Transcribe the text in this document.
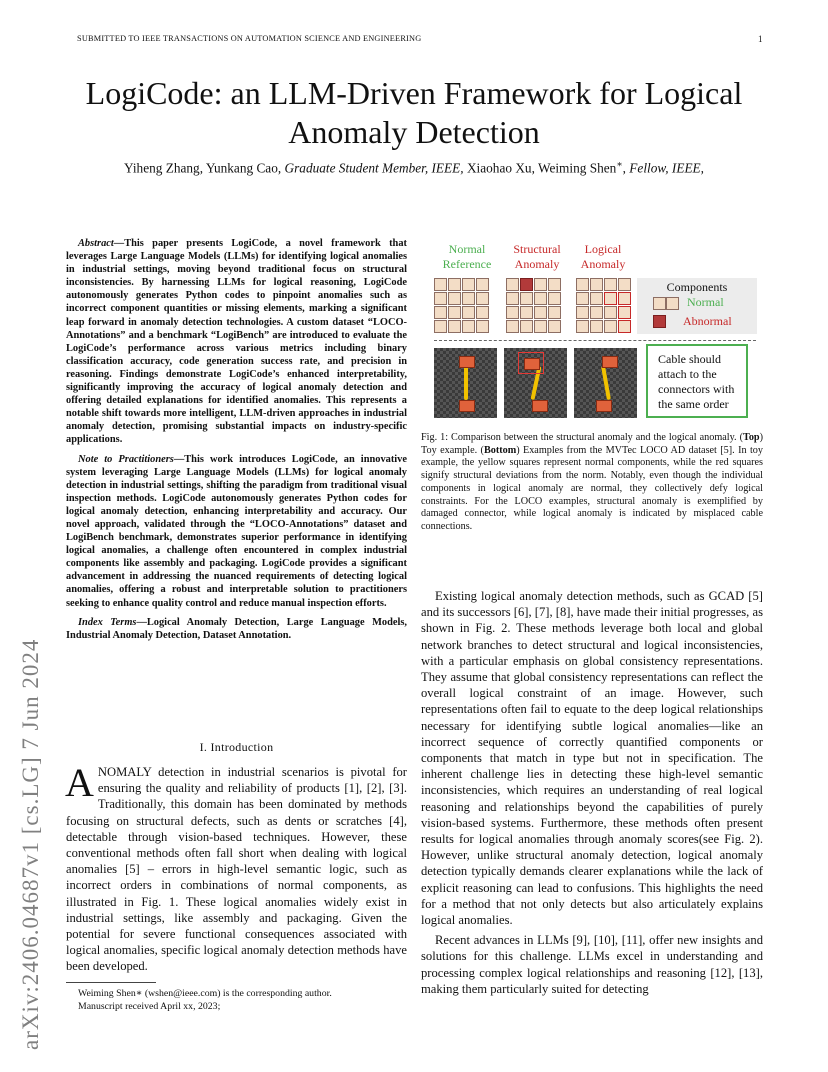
SUBMITTED TO IEEE TRANSACTIONS ON AUTOMATION SCIENCE AND ENGINEERING	1
arXiv:2406.04687v1 [cs.LG] 7 Jun 2024
LogiCode: an LLM-Driven Framework for Logical Anomaly Detection
Yiheng Zhang, Yunkang Cao, Graduate Student Member, IEEE, Xiaohao Xu, Weiming Shen∗, Fellow, IEEE,

Abstract—This paper presents LogiCode, a novel framework that leverages Large Language Models (LLMs) for identifying logical anomalies in industrial settings, moving beyond traditional focus on structural inconsistencies. By harnessing LLMs for logical reasoning, LogiCode autonomously generates Python codes to pinpoint anomalies such as incorrect component quantities or missing elements, marking a significant leap forward in anomaly detection technologies. A custom dataset “LOCO-Annotations” and a benchmark “LogiBench” are introduced to evaluate the LogiCode’s performance across various metrics including binary classification accuracy, code generation success rate, and precision in reasoning. Findings demonstrate LogiCode’s enhanced interpretability, significantly improving the accuracy of logical anomaly detection and offering detailed explanations for identified anomalies. This represents a notable shift towards more intelligent, LLM-driven approaches in industrial anomaly detection, promising substantial impacts on industry-specific applications.

Note to Practitioners—This work introduces LogiCode, an innovative system leveraging Large Language Models (LLMs) for logical anomaly detection in industrial settings, shifting the paradigm from traditional visual inspection methods. LogiCode autonomously generates Python codes for logical anomaly detection, enhancing interpretability and accuracy. Our novel approach, validated through the “LOCO-Annotations” dataset and LogiBench benchmark, demonstrates superior performance in identifying logical anomalies, a challenge often encountered in complex industrial components like assembly and packaging. LogiCode provides a significant advancement in addressing the nuanced requirements of detecting logical anomalies, offering a robust and interpretable solution to practitioners seeking to enhance quality control and reduce manual inspection efforts.

Index Terms—Logical Anomaly Detection, Large Language Models, Industrial Anomaly Detection, Dataset Annotation.

I. Introduction

ANOMALY detection in industrial scenarios is pivotal for ensuring the quality and reliability of products [1], [2], [3]. Traditionally, this domain has been dominated by methods focusing on structural defects, such as dents or scratches [4], detectable through vision-based techniques. However, these conventional methods often fall short when dealing with logical anomalies [5] – errors in high-level semantic logic, such as incorrect orders in combinations of normal components, as illustrated in Fig. 1. These logical anomalies widely exist in industrial settings, like assembly and packaging. Given the potential for severe functional consequences associated with logical anomalies, specific logical anomaly detection methods have been developed.

Weiming Shen∗ (wshen@ieee.com) is the corresponding author.

Manuscript received April xx, 2023;

Normal
Reference
Structural
Anomaly
Logical
Anomaly
Components
Normal
Abnormal
Cable should attach to the connectors with the same order

Fig. 1: Comparison between the structural anomaly and the logical anomaly. (Top) Toy example. (Bottom) Examples from the MVTec LOCO AD dataset [5]. In toy example, the yellow squares represent normal components, while the red squares signify structural deviations from the norm. Notably, even though the individual components in logical anomaly are normal, they collectively defy logical constraints. For the LOCO examples, structural anomaly is exemplified by damaged connector, while logical anomaly is indicated by misplaced cable connections.

Existing logical anomaly detection methods, such as GCAD [5] and its successors [6], [7], [8], have made their initial progresses, as shown in Fig. 2. These methods leverage both local and global network branches to detect structural and logical inconsistencies, with a particular emphasis on global consistency representations. They assume that global consistency representations can reflect the overall logical constraint of an image. However, such representations often fail to equate to the deep logical relationships necessary for identifying subtle logical anomalies—like an incorrect sequence of correctly quantified components or components that match in type but not in specification. The inherent challenge lies in detecting these high-level semantic inconsistencies, which requires an understanding of real logical reasoning and relationships beyond the capabilities of purely vision-based systems. Furthermore, these methods often present results for logical anomalies through anomaly scores(see Fig. 2). However, unlike structural anomaly detection, logical anomaly detection typically demands clearer explanations while the lack of explicit reasoning can lead to confusions. This highlights the need for a method that not only detects but also articulately explains logical anomalies.

Recent advances in LLMs [9], [10], [11], offer new insights and solutions for this challenge. LLMs excel in understanding and processing complex logical relationships and reasoning [12], [13], making them particularly suited for detecting
